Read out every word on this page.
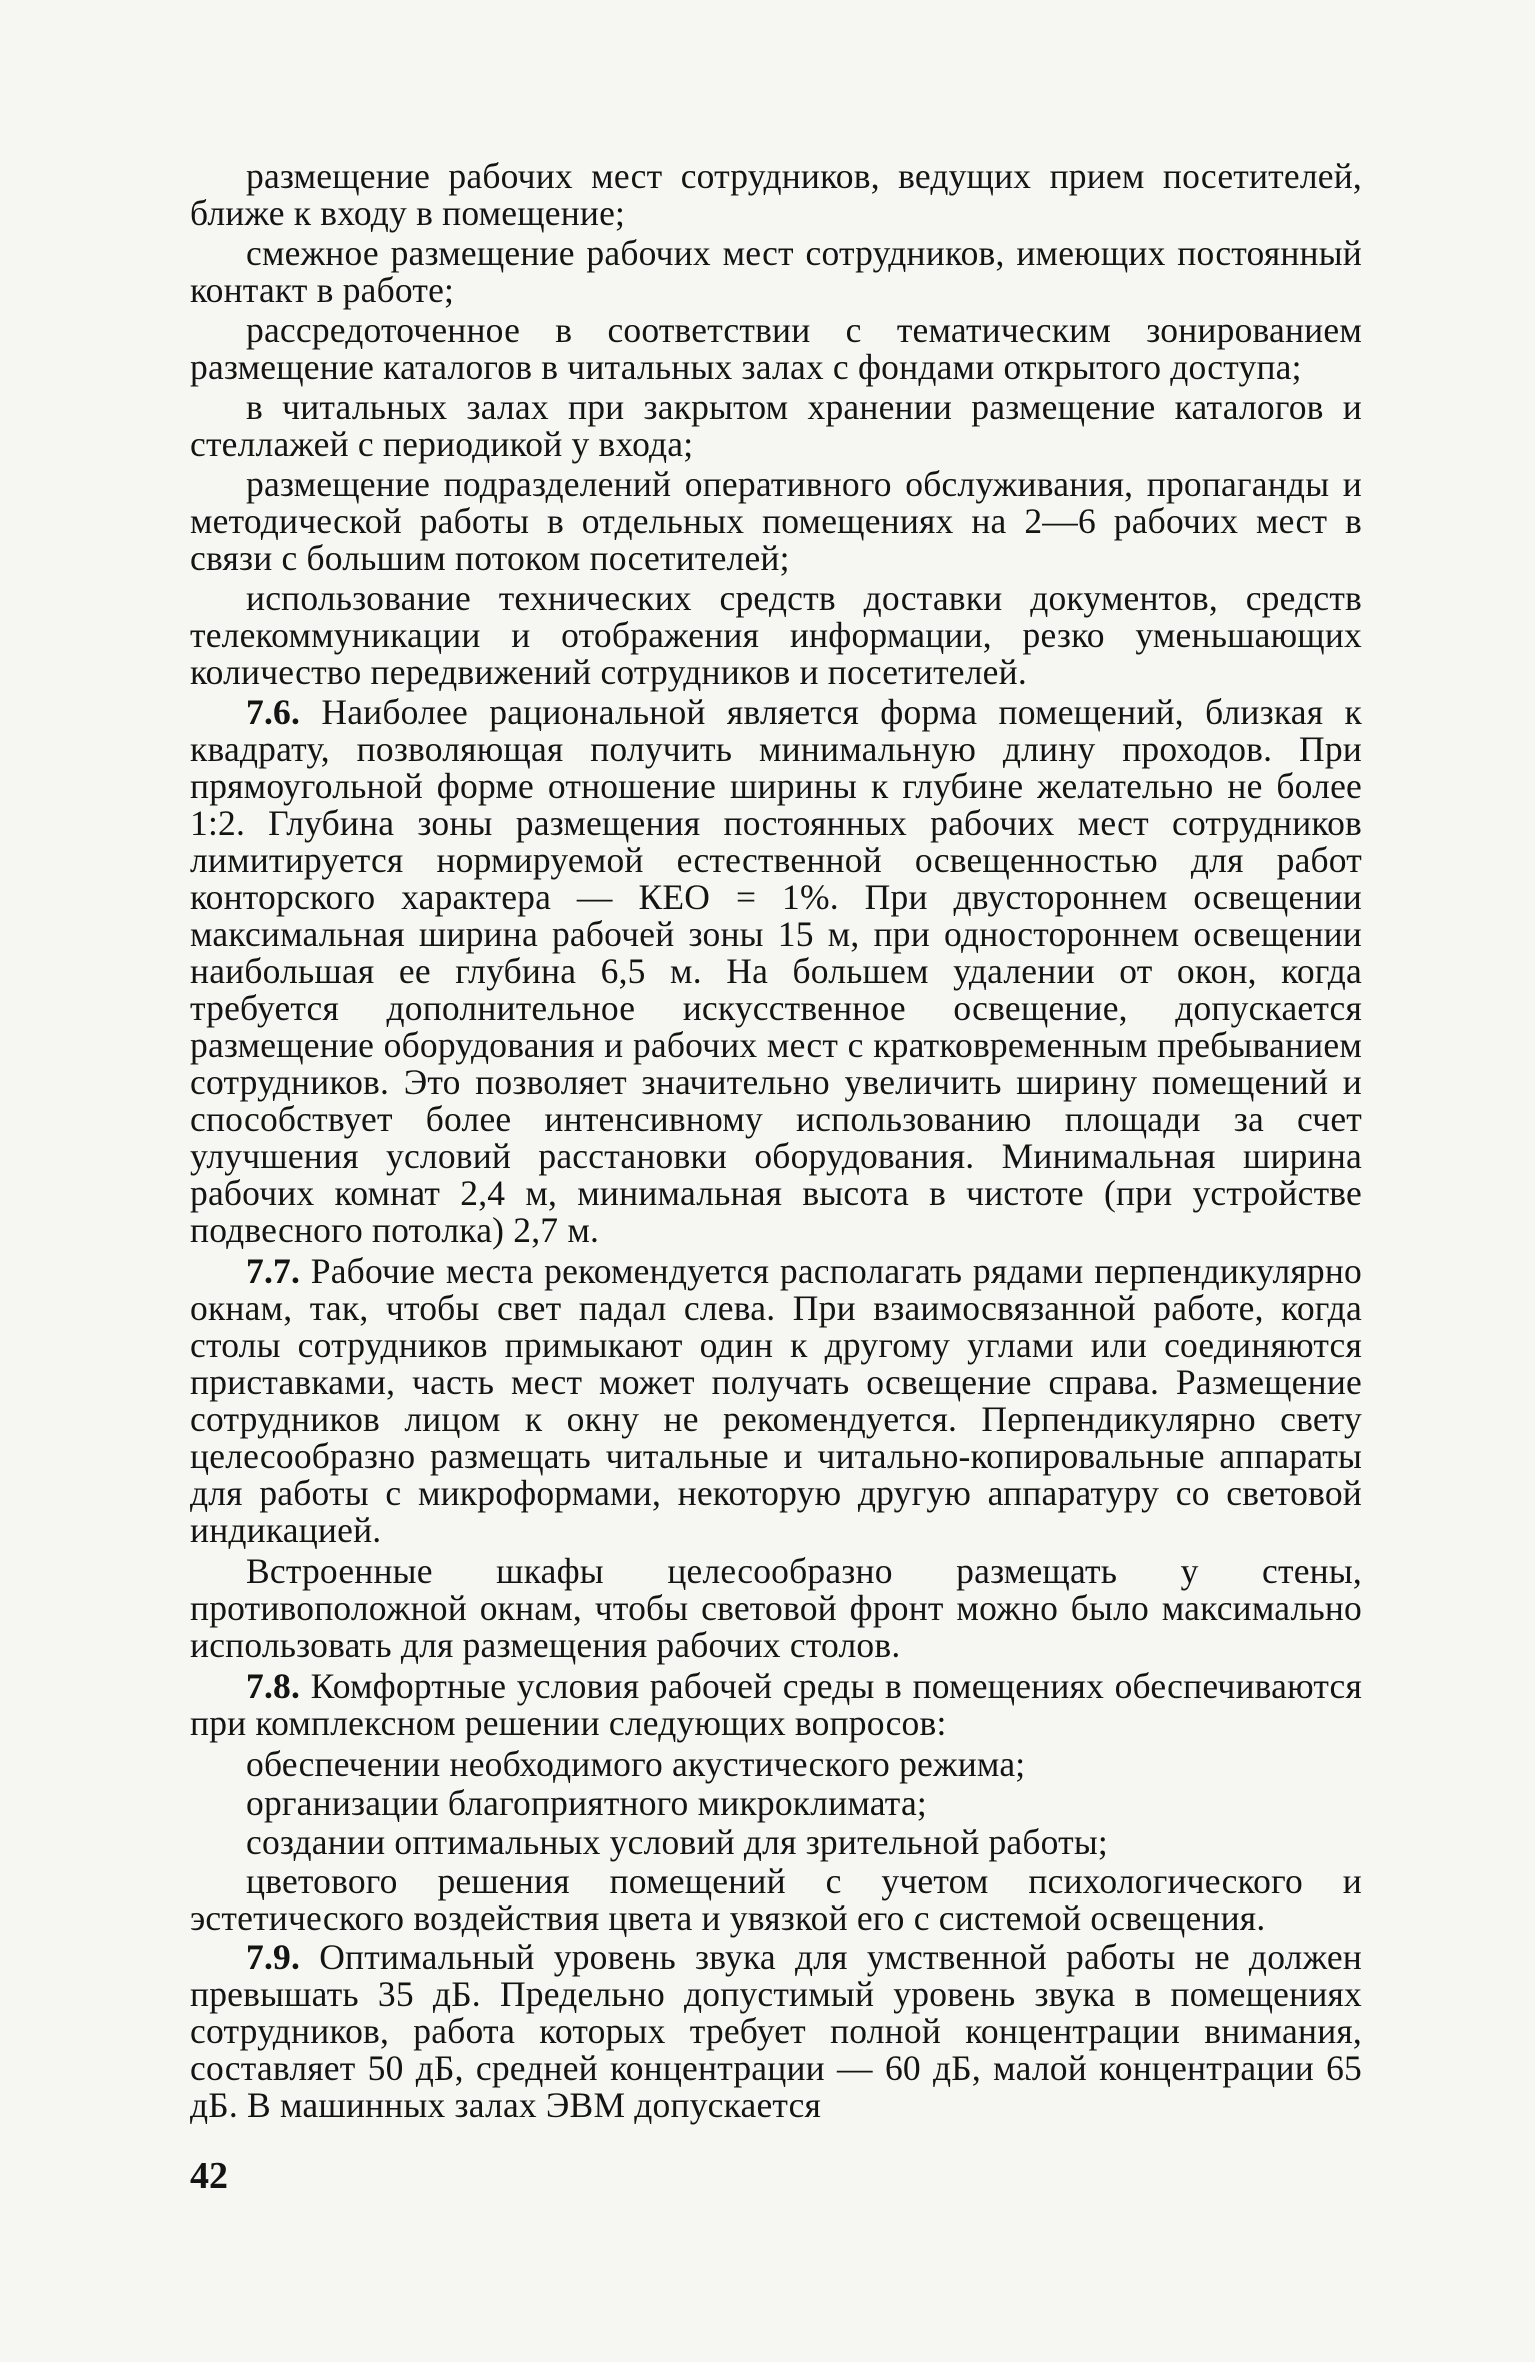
размещение рабочих мест сотрудников, ведущих прием посетителей, ближе к входу в помещение;

смежное размещение рабочих мест сотрудников, имеющих постоянный контакт в работе;

рассредоточенное в соответствии с тематическим зонированием размещение каталогов в читальных залах с фондами открытого доступа;

в читальных залах при закрытом хранении размещение каталогов и стеллажей с периодикой у входа;

размещение подразделений оперативного обслуживания, пропаганды и методической работы в отдельных помещениях на 2—6 рабочих мест в связи с большим потоком посетителей;

использование технических средств доставки документов, средств телекоммуникации и отображения информации, резко уменьшающих количество передвижений сотрудников и посетителей.

7.6. Наиболее рациональной является форма помещений, близкая к квадрату, позволяющая получить минимальную длину проходов. При прямоугольной форме отношение ширины к глубине желательно не более 1:2. Глубина зоны размещения постоянных рабочих мест сотрудников лимитируется нормируемой естественной освещенностью для работ конторского характера — КЕО = 1%. При двустороннем освещении максимальная ширина рабочей зоны 15 м, при одностороннем освещении наибольшая ее глубина 6,5 м. На большем удалении от окон, когда требуется дополнительное искусственное освещение, допускается размещение оборудования и рабочих мест с кратковременным пребыванием сотрудников. Это позволяет значительно увеличить ширину помещений и способствует более интенсивному использованию площади за счет улучшения условий расстановки оборудования. Минимальная ширина рабочих комнат 2,4 м, минимальная высота в чистоте (при устройстве подвесного потолка) 2,7 м.

7.7. Рабочие места рекомендуется располагать рядами перпендикулярно окнам, так, чтобы свет падал слева. При взаимосвязанной работе, когда столы сотрудников примыкают один к другому углами или соединяются приставками, часть мест может получать освещение справа. Размещение сотрудников лицом к окну не рекомендуется. Перпендикулярно свету целесообразно размещать читальные и читально-копировальные аппараты для работы с микроформами, некоторую другую аппаратуру со световой индикацией.

Встроенные шкафы целесообразно размещать у стены, противоположной окнам, чтобы световой фронт можно было максимально использовать для размещения рабочих столов.

7.8. Комфортные условия рабочей среды в помещениях обеспечиваются при комплексном решении следующих вопросов:

обеспечении необходимого акустического режима;

организации благоприятного микроклимата;

создании оптимальных условий для зрительной работы;

цветового решения помещений с учетом психологического и эстетического воздействия цвета и увязкой его с системой освещения.

7.9. Оптимальный уровень звука для умственной работы не должен превышать 35 дБ. Предельно допустимый уровень звука в помещениях сотрудников, работа которых требует полной концентрации внимания, составляет 50 дБ, средней концентрации — 60 дБ, малой концентрации 65 дБ. В машинных залах ЭВМ допускается

42
